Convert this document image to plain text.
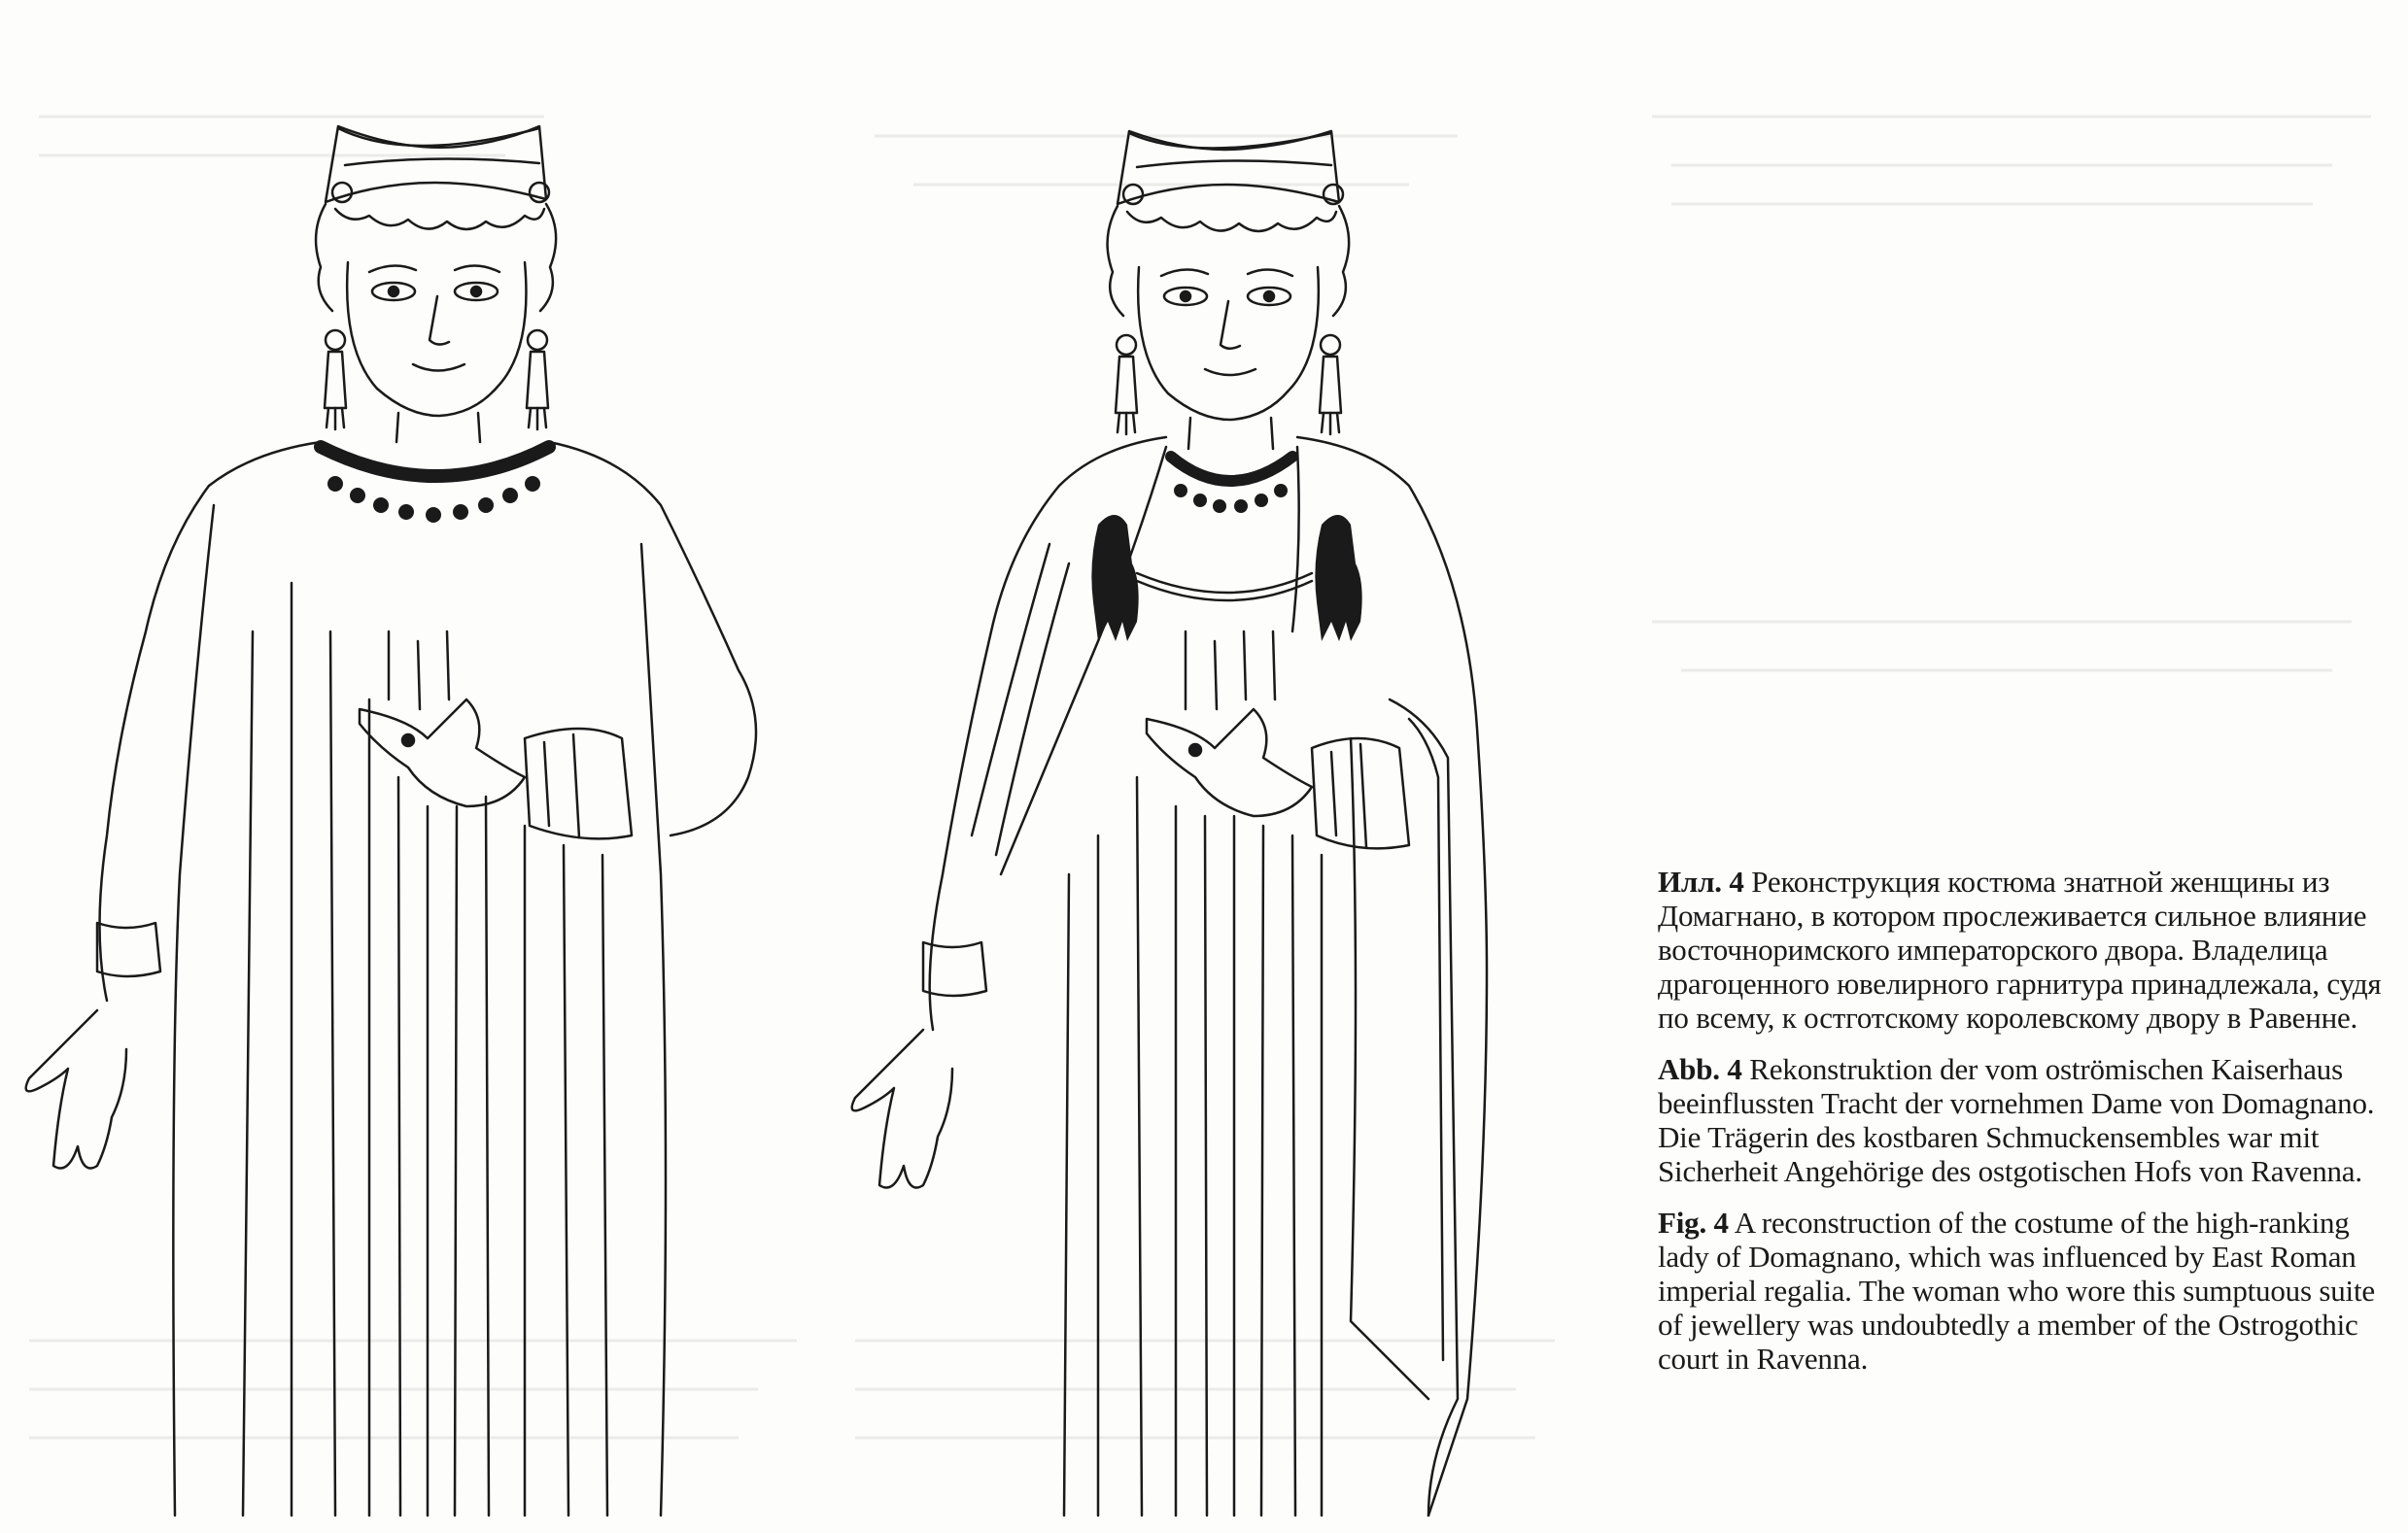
Илл. 4 Реконструкция костюма знатной женщины из Домагнано, в котором прослеживается сильное влияние восточноримского императорского двора. Владелица драгоценного ювелирного гарнитура принадлежала, судя по всему, к остготскому королевскому двору в Равенне.

Abb. 4 Rekonstruktion der vom oströmischen Kaiserhaus beeinflussten Tracht der vornehmen Dame von Domagnano. Die Trägerin des kostbaren Schmuckensembles war mit Sicherheit Angehörige des ostgotischen Hofs von Ravenna.

Fig. 4 A reconstruction of the costume of the high-ranking lady of Domagnano, which was influenced by East Roman imperial regalia. The woman who wore this sumptuous suite of jewellery was undoubtedly a member of the Ostrogothic court in Ravenna.
